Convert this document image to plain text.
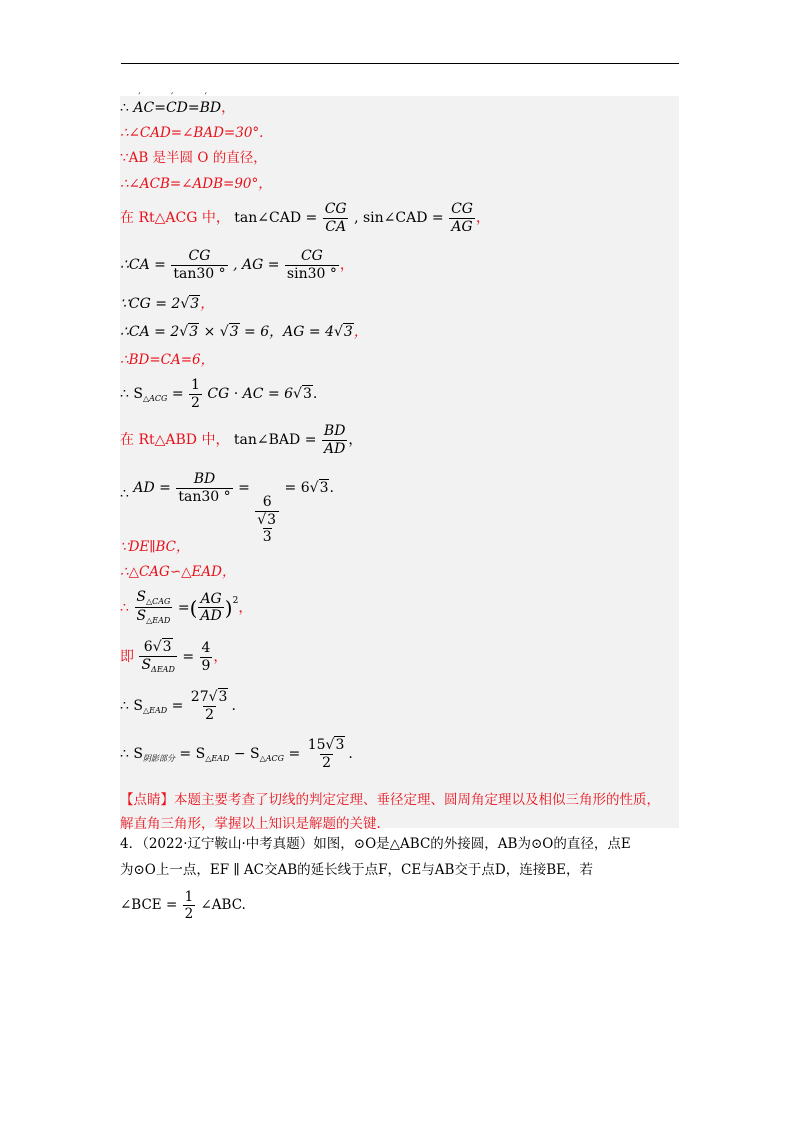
∴ ′ AC=′ CD=′ BD，
∴∠CAD=∠BAD=30°.
∵AB 是半圆 O 的直径，
∴∠ACB=∠ADB=90°，
在 Rt△ACG 中， tan∠CAD = $\frac{CG}{CA}$ , sin∠CAD = $\frac{CG}{AG}$ ，
∴CA = $\frac{CG}{\tan 30 ^\circ}$ , AG = $\frac{CG}{\sin 30 ^\circ}$ ，
∵CG = 2√3，
∴CA = 2√3 × √3 = 6，AG = 4√3，
∴BD=CA=6，
∴ $S_{\triangle ACG} = \frac{1}{2}$ CG · AC = 6√3.
在 Rt△ABD 中， tan∠BAD = $\frac{BD}{AD}$ ，
∴ AD = $\frac{BD}{\tan 30 ^\circ}$ =
6
√3
3
= 6√3.
∵DE∥BC，
∴△CAG∽△EAD，
∴ $\frac{S_{\triangle CAG}}{S_{\triangle EAD}}$ =( $\frac{AG}{AD} )^2$，
即 $\frac{6√3}{S_{\Delta EAD}} = \frac{4}{9}$ ，
∴ $S_{\triangle EAD} = \frac{27√3}{2}$ .
∴ $S_{阴影部分} = S_{\triangle EAD} - S_{\triangle ACG} = \frac{15√3}{2}$ .
【点睛】本题主要考查了切线的判定定理、垂径定理、圆周角定理以及相似三角形的性质，
解直角三角形，掌握以上知识是解题的关键.
4．（2022·辽宁鞍山·中考真题）如图，⊙O是△ABC的外接圆，AB为⊙O的直径，点E
为⊙O上一点，EF ∥ AC交AB的延长线于点F，CE与AB交于点D，连接BE，若
∠BCE = $\frac{1}{2}$ ∠ABC.
